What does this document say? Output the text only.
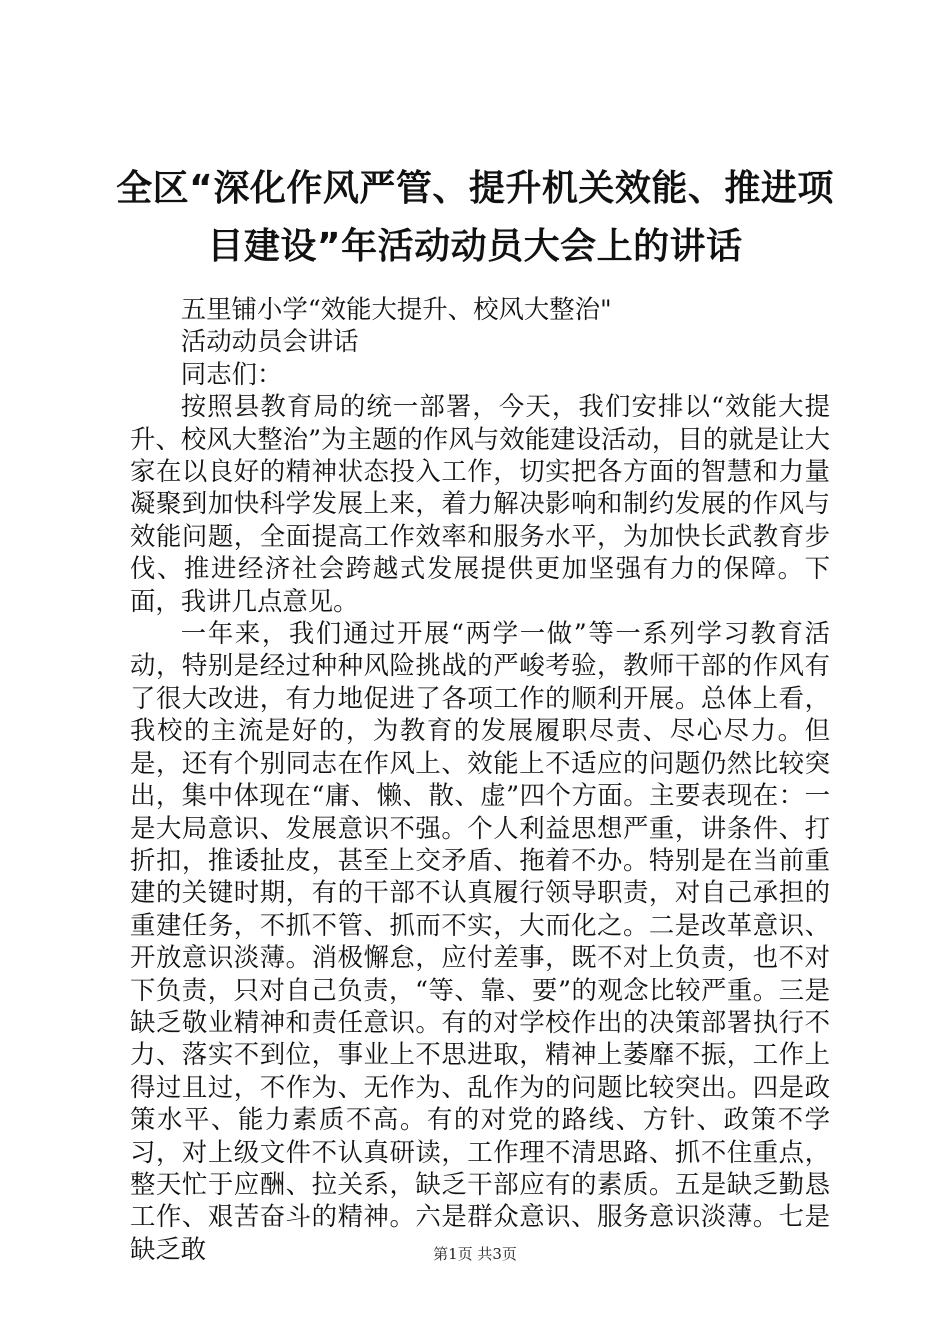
全区“深化作风严管、提升机关效能、推进项
目建设”年活动动员大会上的讲话

五里铺小学“效能大提升、校风大整治"

活动动员会讲话

同志们：

按照县教育局的统一部署，今天，我们安排以“效能大提升、校风大整治”为主题的作风与效能建设活动，目的就是让大家在以良好的精神状态投入工作，切实把各方面的智慧和力量凝聚到加快科学发展上来，着力解决影响和制约发展的作风与效能问题，全面提高工作效率和服务水平，为加快长武教育步伐、推进经济社会跨越式发展提供更加坚强有力的保障。下面，我讲几点意见。

一年来，我们通过开展“两学一做”等一系列学习教育活动，特别是经过种种风险挑战的严峻考验，教师干部的作风有了很大改进，有力地促进了各项工作的顺利开展。总体上看，我校的主流是好的，为教育的发展履职尽责、尽心尽力。但是，还有个别同志在作风上、效能上不适应的问题仍然比较突出，集中体现在“庸、懒、散、虚”四个方面。主要表现在：一是大局意识、发展意识不强。个人利益思想严重，讲条件、打折扣，推诿扯皮，甚至上交矛盾、拖着不办。特别是在当前重建的关键时期，有的干部不认真履行领导职责，对自己承担的重建任务，不抓不管、抓而不实，大而化之。二是改革意识、开放意识淡薄。消极懈怠，应付差事，既不对上负责，也不对下负责，只对自己负责，“等、靠、要”的观念比较严重。三是缺乏敬业精神和责任意识。有的对学校作出的决策部署执行不力、落实不到位，事业上不思进取，精神上萎靡不振，工作上得过且过，不作为、无作为、乱作为的问题比较突出。四是政策水平、能力素质不高。有的对党的路线、方针、政策不学习，对上级文件不认真研读，工作理不清思路、抓不住重点，整天忙于应酬、拉关系，缺乏干部应有的素质。五是缺乏勤恳工作、艰苦奋斗的精神。六是群众意识、服务意识淡薄。七是缺乏敢	第1页 共3页
